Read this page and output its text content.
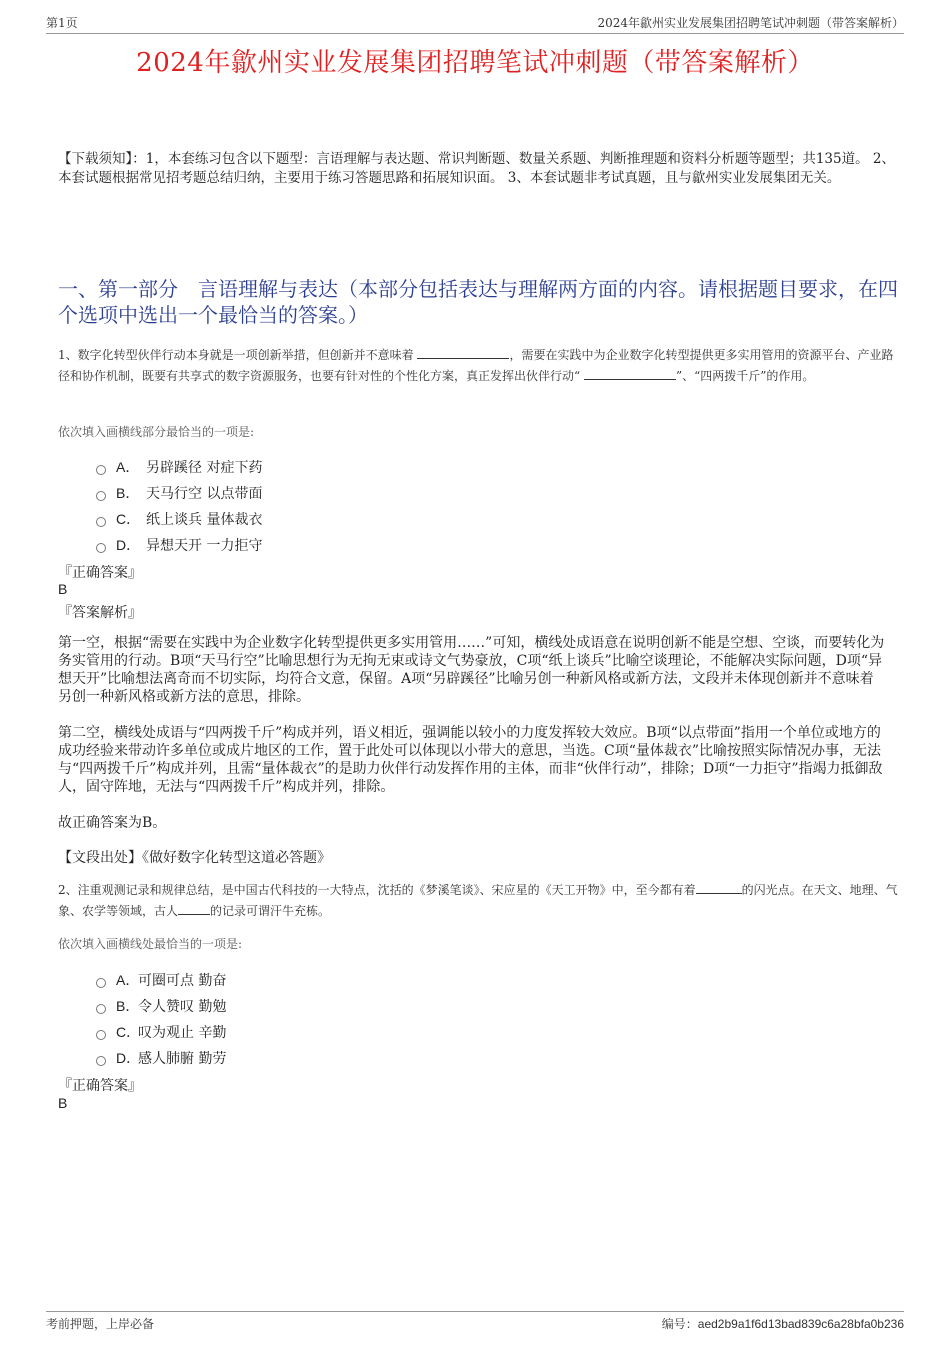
第1页	2024年歙州实业发展集团招聘笔试冲刺题（带答案解析）
2024年歙州实业发展集团招聘笔试冲刺题（带答案解析）
【下载须知】：1，本套练习包含以下题型：言语理解与表达题、常识判断题、数量关系题、判断推理题和资料分析题等题型；共135道。 2、本套试题根据常见招考题总结归纳，主要用于练习答题思路和拓展知识面。 3、本套试题非考试真题，且与歙州实业发展集团无关。
一、第一部分　言语理解与表达（本部分包括表达与理解两方面的内容。请根据题目要求，在四个选项中选出一个最恰当的答案。）
1、数字化转型伙伴行动本身就是一项创新举措，但创新并不意味着	，需要在实践中为企业数字化转型提供更多实用管用的资源平台、产业路径和协作机制，既要有共享式的数字资源服务，也要有针对性的个性化方案，真正发挥出伙伴行动“	”、“四两拨千斤”的作用。
依次填入画横线部分最恰当的一项是:
A． 另辟蹊径 对症下药
B． 天马行空 以点带面
C． 纸上谈兵 量体裁衣
D． 异想天开 一力拒守
『正确答案』
B
『答案解析』
第一空，根据“需要在实践中为企业数字化转型提供更多实用管用……”可知，横线处成语意在说明创新不能是空想、空谈，而要转化为务实管用的行动。B项“天马行空”比喻思想行为无拘无束或诗文气势豪放，C项“纸上谈兵”比喻空谈理论，不能解决实际问题，D项“异想天开”比喻想法离奇而不切实际，均符合文意，保留。A项“另辟蹊径”比喻另创一种新风格或新方法，文段并未体现创新并不意味着另创一种新风格或新方法的意思，排除。
第二空，横线处成语与“四两拨千斤”构成并列，语义相近，强调能以较小的力度发挥较大效应。B项“以点带面”指用一个单位或地方的成功经验来带动许多单位或成片地区的工作，置于此处可以体现以小带大的意思，当选。C项“量体裁衣”比喻按照实际情况办事，无法与“四两拨千斤”构成并列，且需“量体裁衣”的是助力伙伴行动发挥作用的主体，而非“伙伴行动”，排除；D项“一力拒守”指竭力抵御敌人，固守阵地，无法与“四两拨千斤”构成并列，排除。
故正确答案为B。
【文段出处】《做好数字化转型这道必答题》
2、注重观测记录和规律总结，是中国古代科技的一大特点，沈括的《梦溪笔谈》、宋应星的《天工开物》中，至今都有着	的闪光点。在天文、地理、气象、农学等领域，古人	的记录可谓汗牛充栋。
依次填入画横线处最恰当的一项是:
A．可圈可点 勤奋
B．令人赞叹 勤勉
C．叹为观止 辛勤
D．感人肺腑 勤劳
『正确答案』
B
考前押题，上岸必备	编号：aed2b9a1f6d13bad839c6a28bfa0b236
